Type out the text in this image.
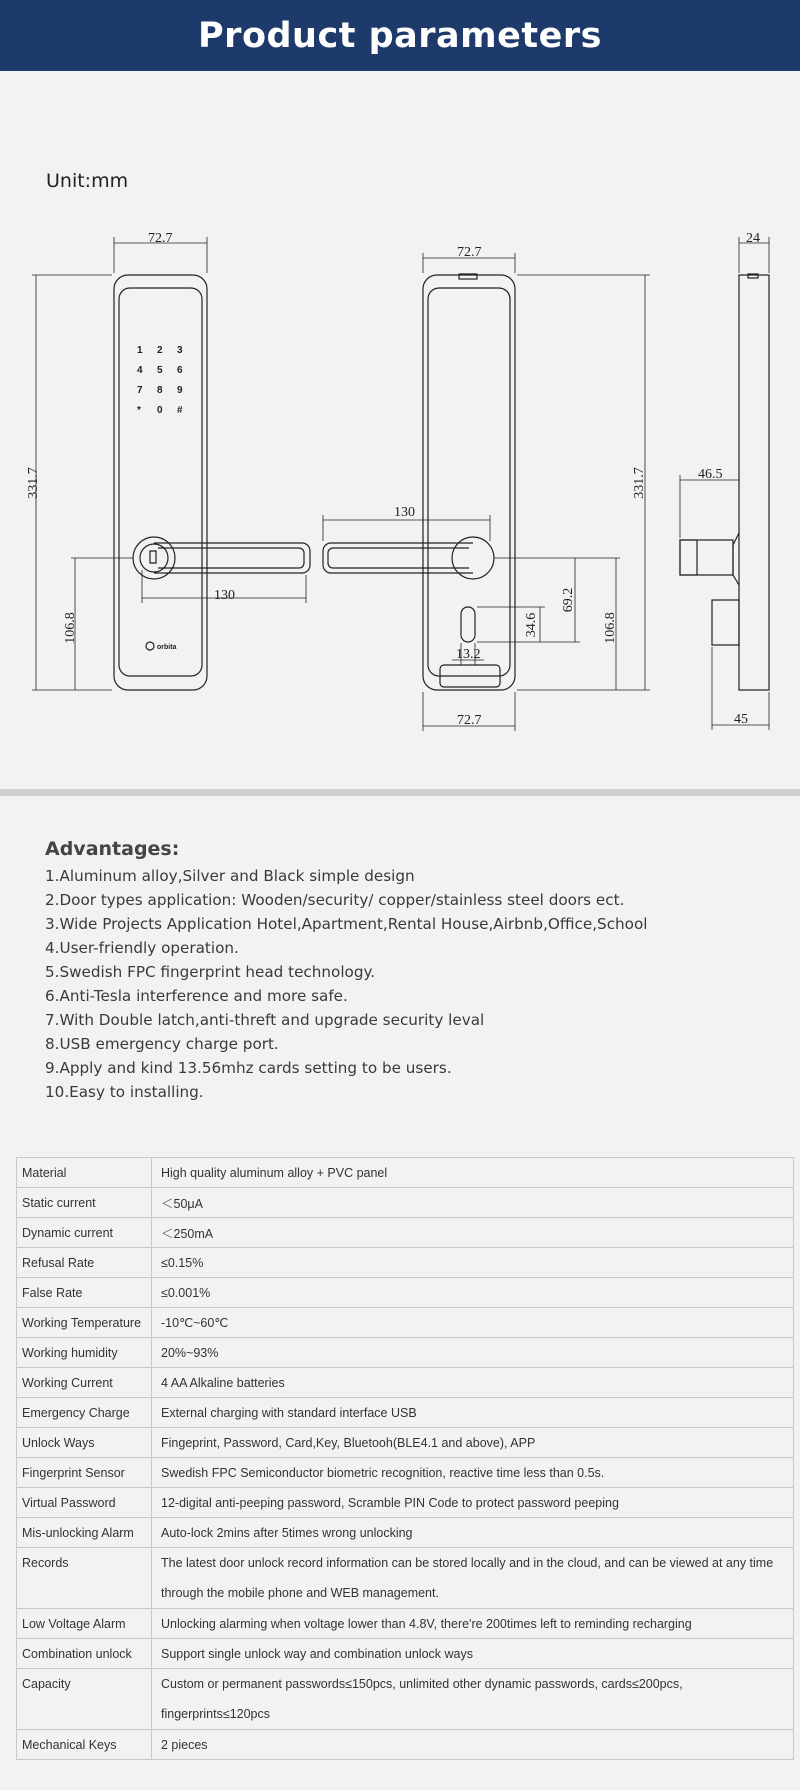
Product parameters
Unit:mm
72.7
331.7
106.8
130
72.7
72.7
331.7
130
69.2
34.6
13.2
106.8
24
46.5
45
1 2 3
4 5 6
7 8 9
* 0 #
orbita
Advantages:
1.Aluminum alloy,Silver and Black simple design
2.Door types application: Wooden/security/ copper/stainless steel doors ect.
3.Wide Projects Application Hotel,Apartment,Rental House,Airbnb,Office,School
4.User-friendly operation.
5.Swedish FPC fingerprint head technology.
6.Anti-Tesla interference and more safe.
7.With Double latch,anti-threft and upgrade security leval
8.USB emergency charge port.
9.Apply and kind 13.56mhz cards setting to be users.
10.Easy to installing.
Material	High quality aluminum alloy + PVC panel
Static current	＜50μA
Dynamic current	＜250mA
Refusal Rate	≤0.15%
False Rate	≤0.001%
Working Temperature	-10℃~60℃
Working humidity	20%~93%
Working Current	4 AA Alkaline batteries
Emergency Charge	External charging with standard interface USB
Unlock Ways	Fingeprint, Password, Card,Key, Bluetooh(BLE4.1 and above), APP
Fingerprint Sensor	Swedish FPC Semiconductor biometric recognition, reactive time less than 0.5s.
Virtual Password	12-digital anti-peeping password, Scramble PIN Code to protect password peeping
Mis-unlocking Alarm	Auto-lock 2mins after 5times wrong unlocking
Records	The latest door unlock record information can be stored locally and in the cloud, and can be viewed at any time through the mobile phone and WEB management.
Low Voltage Alarm	Unlocking alarming when voltage lower than 4.8V, there're 200times left to reminding recharging
Combination unlock	Support single unlock way and combination unlock ways
Capacity	Custom or permanent passwords≤150pcs, unlimited other dynamic passwords, cards≤200pcs, fingerprints≤120pcs
Mechanical Keys	2 pieces
